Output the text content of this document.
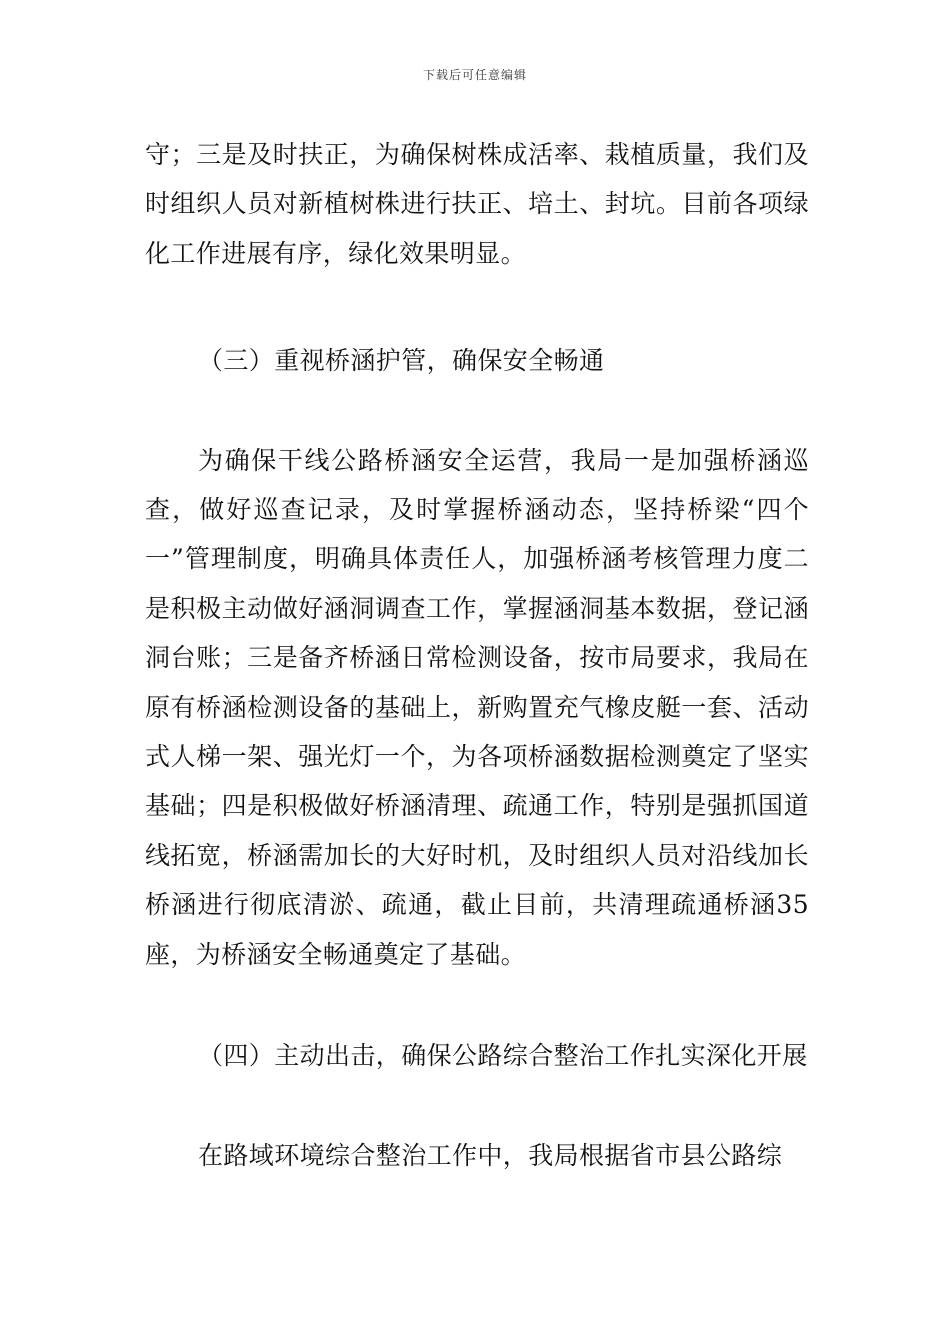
下载后可任意编辑

守；三是及时扶正，为确保树株成活率、栽植质量，我们及时组织人员对新植树株进行扶正、培土、封坑。目前各项绿化工作进展有序，绿化效果明显。

（三）重视桥涵护管，确保安全畅通

为确保干线公路桥涵安全运营，我局一是加强桥涵巡查，做好巡查记录，及时掌握桥涵动态，坚持桥梁“四个一”管理制度，明确具体责任人，加强桥涵考核管理力度二是积极主动做好涵洞调查工作，掌握涵洞基本数据，登记涵洞台账；三是备齐桥涵日常检测设备，按市局要求，我局在原有桥涵检测设备的基础上，新购置充气橡皮艇一套、活动式人梯一架、强光灯一个，为各项桥涵数据检测奠定了坚实基础；四是积极做好桥涵清理、疏通工作，特别是强抓国道线拓宽，桥涵需加长的大好时机，及时组织人员对沿线加长桥涵进行彻底清淤、疏通，截止目前，共清理疏通桥涵35座，为桥涵安全畅通奠定了基础。

（四）主动出击，确保公路综合整治工作扎实深化开展

在路域环境综合整治工作中，我局根据省市县公路综
